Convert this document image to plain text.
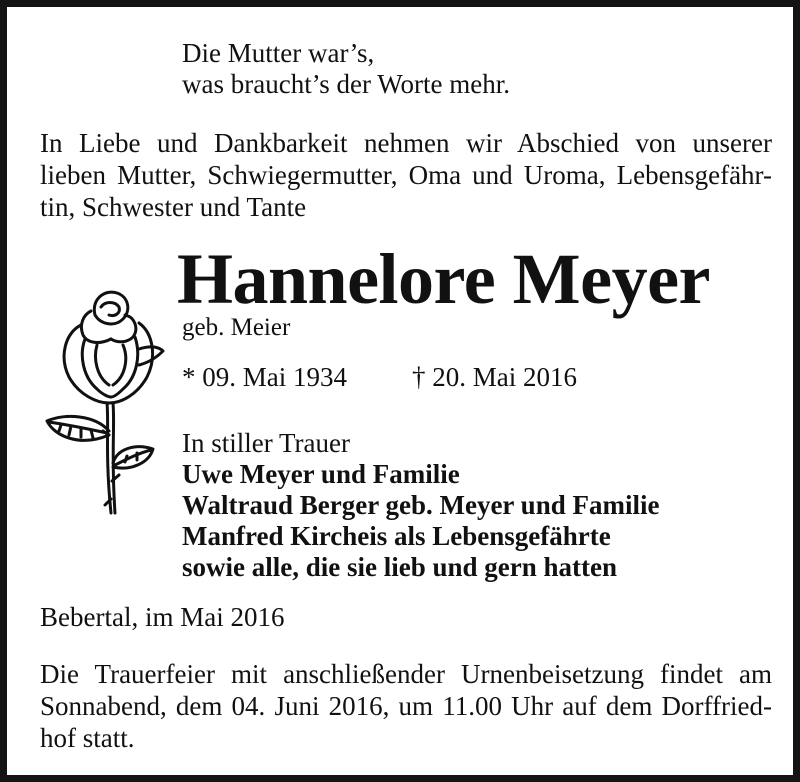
Die Mutter war’s,

was braucht’s der Worte mehr.

In Liebe und Dankbarkeit nehmen wir Abschied von unserer

lieben Mutter, Schwiegermutter, Oma und Uroma, Lebensgefähr-

tin, Schwester und Tante

Hannelore Meyer

geb. Meier

* 09. Mai 1934 † 20. Mai 2016

In stiller Trauer

Uwe Meyer und Familie

Waltraud Berger geb. Meyer und Familie

Manfred Kircheis als Lebensgefährte

sowie alle, die sie lieb und gern hatten

Bebertal, im Mai 2016

Die Trauerfeier mit anschließender Urnenbeisetzung findet am

Sonnabend, dem 04. Juni 2016, um 11.00 Uhr auf dem Dorffried-

hof statt.
